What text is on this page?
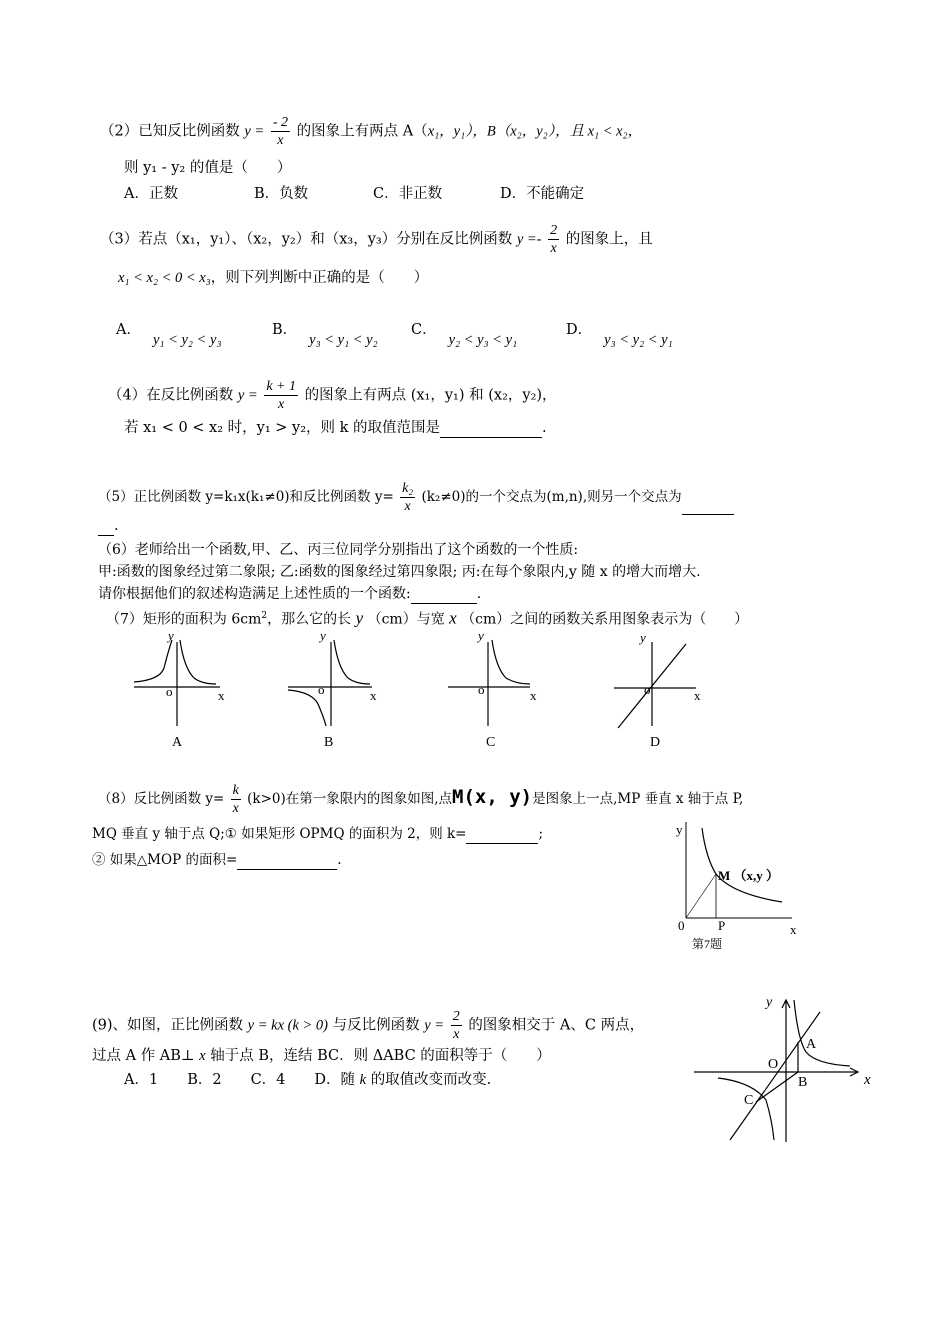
（2）已知反比例函数 $y = \frac{- 2}{x}$ 的图象上有两点 A（x₁，y₁），B（x₂，y₂），且 x₁ < x₂，
则 y₁ - y₂ 的值是（　　）
A．正数	B．负数	C．非正数	D．不能确定
（3）若点（x₁，y₁）、（x₂，y₂）和（x₃，y₃）分别在反比例函数 $y =- \frac{2}{x}$ 的图象上，且
x₁ < x₂ < 0 < x₃，则下列判断中正确的是（　　）
A．y₁ < y₂ < y₃
B．y₃ < y₁ < y₂
C．y₂ < y₃ < y₁
D．y₃ < y₂ < y₁
（4）在反比例函数 $y = \frac{k + 1}{x}$ 的图象上有两点 (x₁，y₁) 和 (x₂，y₂)，
若 x₁ < 0 < x₂ 时，y₁ > y₂，则 k 的取值范围是	.
（5）正比例函数 y=k₁x(k₁≠0)和反比例函数 $y= \frac{\text{k₂}}{x} (k_2\ne 0)$的一个交点为(m,n),则另一个交点为
.
（6）老师给出一个函数,甲、乙、丙三位同学分别指出了这个函数的一个性质:
甲:函数的图象经过第二象限; 乙:函数的图象经过第四象限; 丙:在每个象限内,y 随 x 的增大而增大.
请你根据他们的叙述构造满足上述性质的一个函数:	.
（7）矩形的面积为 $6cm^2$，那么它的长 y （cm）与宽 x （cm）之间的函数关系用图象表示为（　　）
y
x
o
A
y
x
o
B
y
x
o
C
y
x
o
D
（8）反比例函数 $y= \frac{k}{x} (k>0)$在第一象限内的图象如图,点M(x, y)是图象上一点,MP 垂直 x 轴于点 P,
MQ 垂直 y 轴于点 Q;① 如果矩形 OPMQ 的面积为 2，则 k=	;
② 如果△MOP 的面积=	.
y
x
0	P
M （x,y ）
第7题
(9)、如图，正比例函数 y = kx (k > 0) 与反比例函数 $y = \frac{2}{x}$ 的图象相交于 A、C 两点，
过点 A 作 AB⊥ x 轴于点 B，连结 BC．则 ΔABC 的面积等于（　　）
A．1　　B．2　　C．4　　D．随 k 的取值改变而改变.
y
x
O
A
B
C
